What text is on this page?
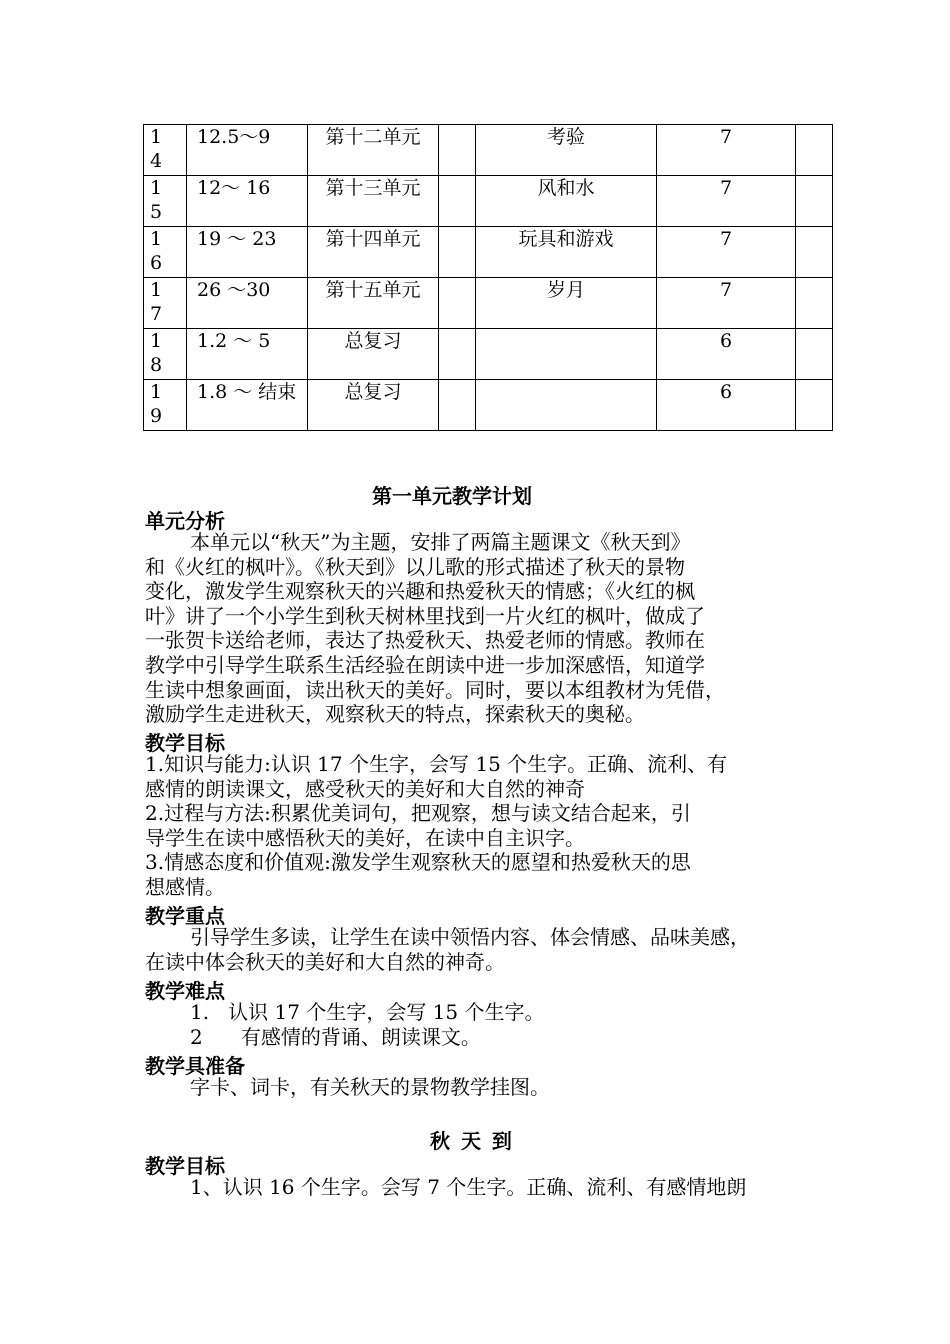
1
4	12.5～9	第十二单元		考验	7	

1
5	12～ 16	第十三单元		风和水	7	

1
6	19 ～ 23	第十四单元		玩具和游戏	7	

1
7	26 ～30	第十五单元		岁月	7	

1
8	1.2 ～ 5	总复习			6	

1
9	1.8 ～ 结束	总复习			6	
第一单元教学计划
单元分析

本单元以“秋天”为主题，安排了两篇主题课文《秋天到》

和《火红的枫叶》。《秋天到》以儿歌的形式描述了秋天的景物

变化，激发学生观察秋天的兴趣和热爱秋天的情感；《火红的枫

叶》讲了一个小学生到秋天树林里找到一片火红的枫叶，做成了

一张贺卡送给老师，表达了热爱秋天、热爱老师的情感。教师在

教学中引导学生联系生活经验在朗读中进一步加深感悟，知道学

生读中想象画面，读出秋天的美好。同时，要以本组教材为凭借，

激励学生走进秋天，观察秋天的特点，探索秋天的奥秘。

教学目标

1.知识与能力:认识 17 个生字，会写 15 个生字。正确、流利、有

感情的朗读课文，感受秋天的美好和大自然的神奇

2.过程与方法:积累优美词句，把观察，想与读文结合起来，引

导学生在读中感悟秋天的美好，在读中自主识字。

3.情感态度和价值观:激发学生观察秋天的愿望和热爱秋天的思

想感情。

教学重点

引导学生多读，让学生在读中领悟内容、体会情感、品味美感，

在读中体会秋天的美好和大自然的神奇。

教学难点

1.   认识 17 个生字，会写 15 个生字。

2      有感情的背诵、朗读课文。

教学具准备

字卡、词卡，有关秋天的景物教学挂图。

秋 天 到
教学目标

1、认识 16 个生字。会写 7 个生字。正确、流利、有感情地朗
